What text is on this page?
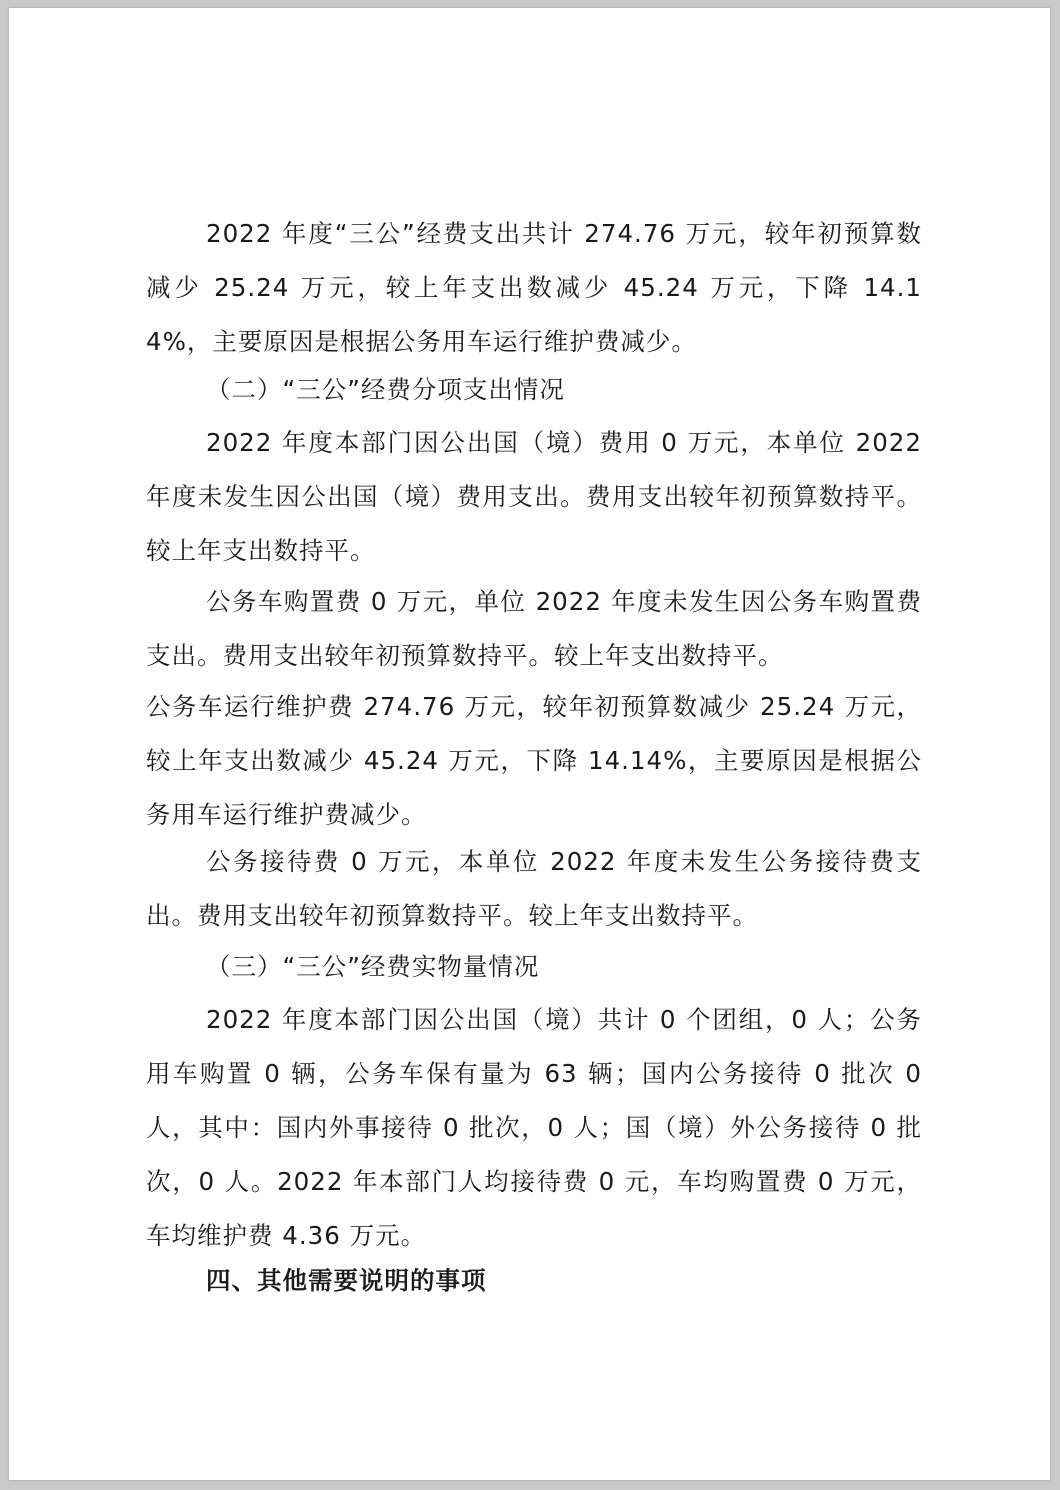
2022 年度“三公”经费支出共计 274.76 万元，较年初预算数减少 25.24 万元，较上年支出数减少 45.24 万元，下降 14.14%，主要原因是根据公务用车运行维护费减少。

（二）“三公”经费分项支出情况

2022 年度本部门因公出国（境）费用 0 万元，本单位 2022 年度未发生因公出国（境）费用支出。费用支出较年初预算数持平。较上年支出数持平。

公务车购置费 0 万元，单位 2022 年度未发生因公务车购置费支出。费用支出较年初预算数持平。较上年支出数持平。

公务车运行维护费 274.76 万元，较年初预算数减少 25.24 万元，较上年支出数减少 45.24 万元，下降 14.14%，主要原因是根据公务用车运行维护费减少。

公务接待费 0 万元，本单位 2022 年度未发生公务接待费支出。费用支出较年初预算数持平。较上年支出数持平。

（三）“三公”经费实物量情况

2022 年度本部门因公出国（境）共计 0 个团组，0 人；公务用车购置 0 辆，公务车保有量为 63 辆；国内公务接待 0 批次 0 人，其中：国内外事接待 0 批次，0 人；国（境）外公务接待 0 批次，0 人。2022 年本部门人均接待费 0 元，车均购置费 0 万元，车均维护费 4.36 万元。

四、其他需要说明的事项
